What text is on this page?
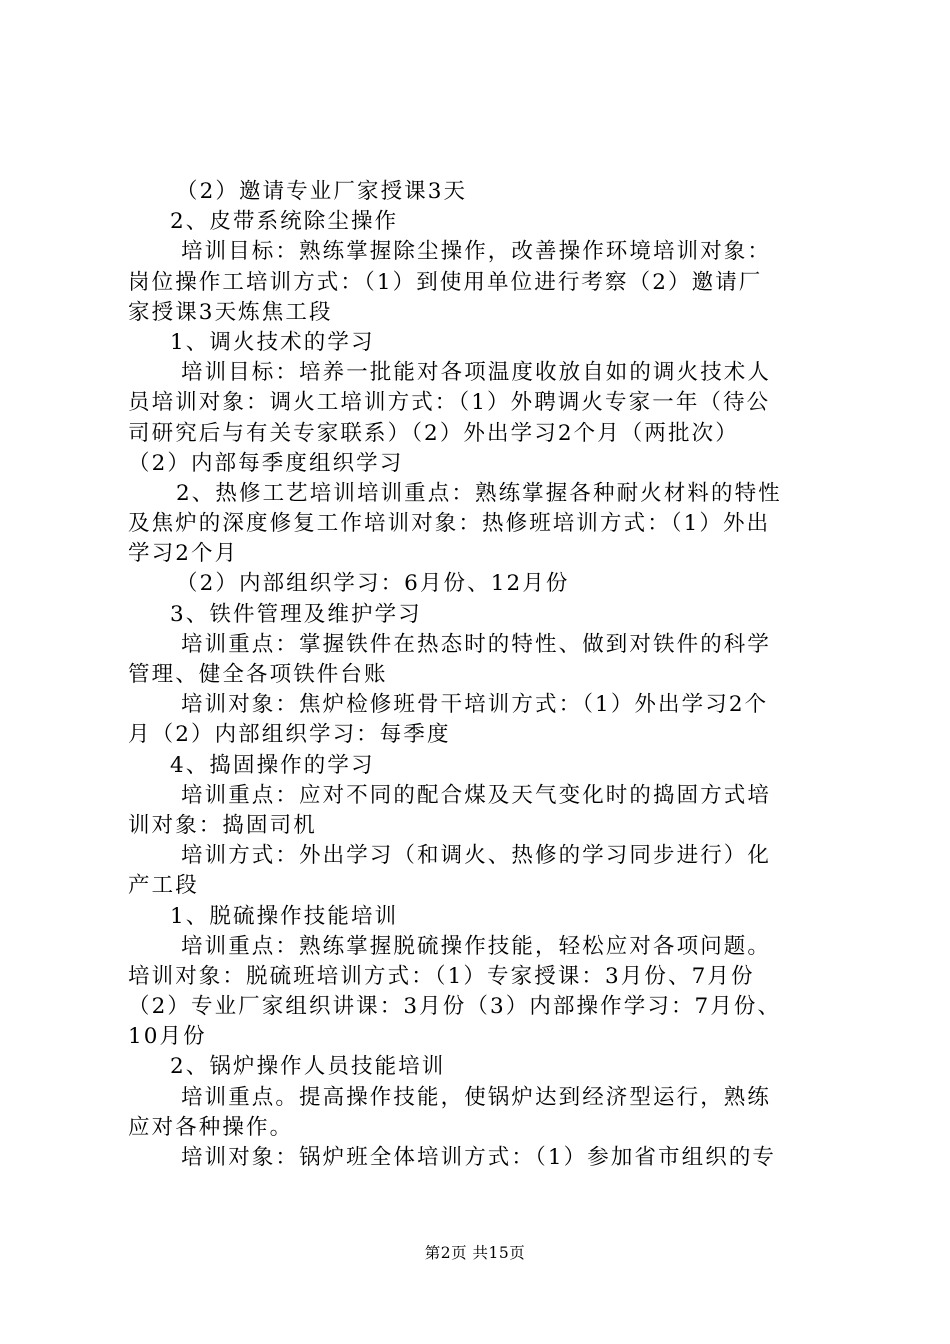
（2）邀请专业厂家授课3天
2、皮带系统除尘操作
培训目标：熟练掌握除尘操作，改善操作环境培训对象：
岗位操作工培训方式：（1）到使用单位进行考察（2）邀请厂
家授课3天炼焦工段
1、调火技术的学习
培训目标：培养一批能对各项温度收放自如的调火技术人
员培训对象：调火工培训方式：（1）外聘调火专家一年（待公
司研究后与有关专家联系）（2）外出学习2个月（两批次）
（2）内部每季度组织学习
2、热修工艺培训培训重点：熟练掌握各种耐火材料的特性
及焦炉的深度修复工作培训对象：热修班培训方式：（1）外出
学习2个月
（2）内部组织学习：6月份、12月份
3、铁件管理及维护学习
培训重点：掌握铁件在热态时的特性、做到对铁件的科学
管理、健全各项铁件台账
培训对象：焦炉检修班骨干培训方式：（1）外出学习2个
月（2）内部组织学习：每季度
4、捣固操作的学习
培训重点：应对不同的配合煤及天气变化时的捣固方式培
训对象：捣固司机
培训方式：外出学习（和调火、热修的学习同步进行）化
产工段
1、脱硫操作技能培训
培训重点：熟练掌握脱硫操作技能，轻松应对各项问题。
培训对象：脱硫班培训方式：（1）专家授课：3月份、7月份
（2）专业厂家组织讲课：3月份（3）内部操作学习：7月份、
10月份
2、锅炉操作人员技能培训
培训重点。提高操作技能，使锅炉达到经济型运行，熟练
应对各种操作。
培训对象：锅炉班全体培训方式：（1）参加省市组织的专
第2页 共15页
